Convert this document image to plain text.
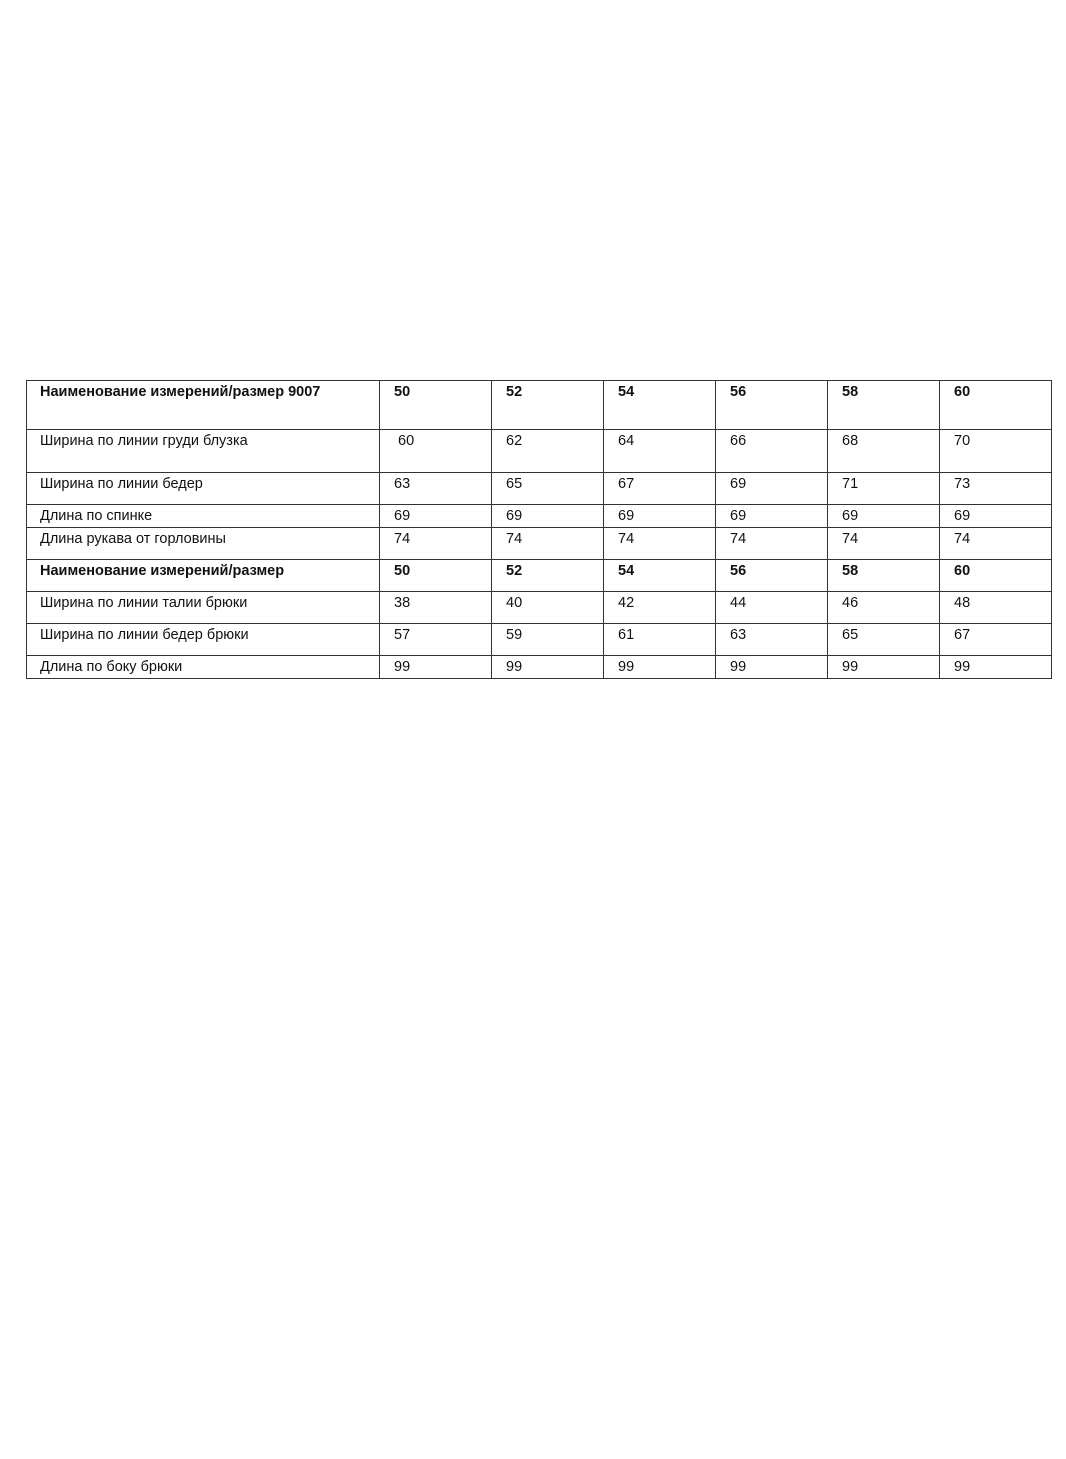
Наименование измерений/размер 9007	50	52	54	56	58	60
Ширина по линии груди блузка	60	62	64	66	68	70
Ширина по линии бедер	63	65	67	69	71	73
Длина по спинке	69	69	69	69	69	69
Длина рукава от горловины	74	74	74	74	74	74
Наименование измерений/размер	50	52	54	56	58	60
Ширина по линии талии брюки	38	40	42	44	46	48
Ширина по линии бедер брюки	57	59	61	63	65	67
Длина по боку брюки	99	99	99	99	99	99
